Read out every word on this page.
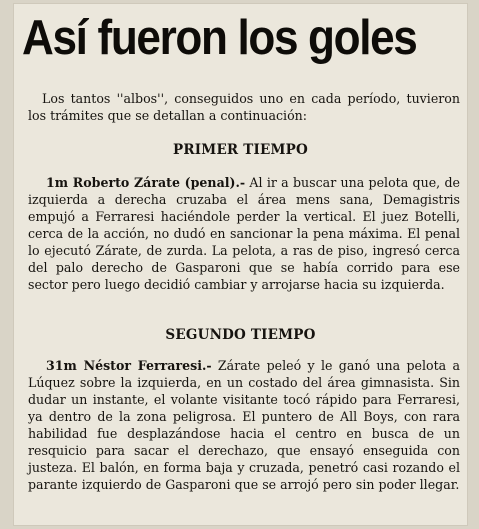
Así fueron los goles

Los tantos ''albos'', conseguidos uno en cada período, tuvieron los trámites que se detallan a continuación:

PRIMER TIEMPO

1m Roberto Zárate (penal).- Al ir a buscar una pelota que, de izquierda a derecha cruzaba el área mens sana, Demagistris empujó a Ferraresi haciéndole perder la vertical. El juez Botelli, cerca de la acción, no dudó en sancionar la pena máxima. El penal lo ejecutó Zárate, de zurda. La pelota, a ras de piso, ingresó cerca del palo derecho de Gasparoni que se había corrido para ese sector pero luego decidió cambiar y arrojarse hacia su izquierda.

SEGUNDO TIEMPO

31m Néstor Ferraresi.- Zárate peleó y le ganó una pelota a Lúquez sobre la izquierda, en un costado del área gimnasista. Sin dudar un instante, el volante visitante tocó rápido para Ferraresi, ya dentro de la zona peligrosa. El puntero de All Boys, con rara habilidad fue desplazándose hacia el centro en busca de un resquicio para sacar el derechazo, que ensayó enseguida con justeza. El balón, en forma baja y cruzada, penetró casi rozando el parante izquierdo de Gasparoni que se arrojó pero sin poder llegar.
